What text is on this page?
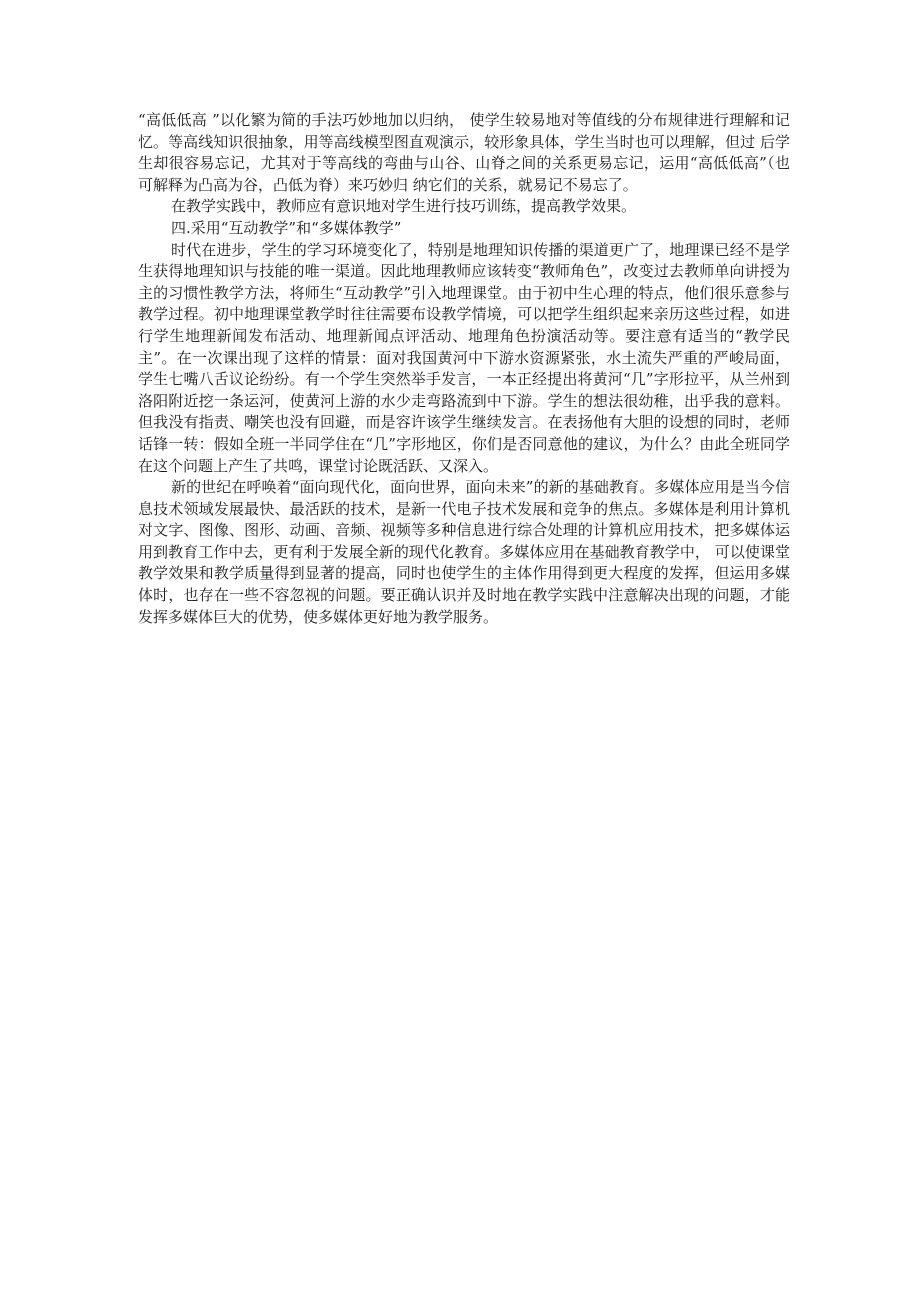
“高低低高 ”以化繁为简的手法巧妙地加以归纳， 使学生较易地对等值线的分布规律进行理解和记忆。等高线知识很抽象，用等高线模型图直观演示，较形象具体，学生当时也可以理解，但过 后学生却很容易忘记，尤其对于等高线的弯曲与山谷、山脊之间的关系更易忘记，运用“高低低高”（也可解释为凸高为谷，凸低为脊）来巧妙归 纳它们的关系，就易记不易忘了。

在教学实践中，教师应有意识地对学生进行技巧训练，提高教学效果。

四.采用“互动教学”和“多媒体教学”

时代在进步，学生的学习环境变化了，特别是地理知识传播的渠道更广了，地理课已经不是学生获得地理知识与技能的唯一渠道。因此地理教师应该转变“教师角色”，改变过去教师单向讲授为主的习惯性教学方法，将师生“互动教学”引入地理课堂。由于初中生心理的特点，他们很乐意参与教学过程。初中地理课堂教学时往往需要布设教学情境，可以把学生组织起来亲历这些过程，如进行学生地理新闻发布活动、地理新闻点评活动、地理角色扮演活动等。要注意有适当的“教学民主”。在一次课出现了这样的情景：面对我国黄河中下游水资源紧张，水土流失严重的严峻局面，学生七嘴八舌议论纷纷。有一个学生突然举手发言，一本正经提出将黄河“几”字形拉平，从兰州到洛阳附近挖一条运河，使黄河上游的水少走弯路流到中下游。学生的想法很幼稚，出乎我的意料。但我没有指责、嘲笑也没有回避，而是容许该学生继续发言。在表扬他有大胆的设想的同时，老师话锋一转：假如全班一半同学住在“几”字形地区，你们是否同意他的建议，为什么？由此全班同学在这个问题上产生了共鸣，课堂讨论既活跃、又深入。

新的世纪在呼唤着“面向现代化，面向世界，面向未来”的新的基础教育。多媒体应用是当今信息技术领域发展最快、最活跃的技术，是新一代电子技术发展和竞争的焦点。多媒体是利用计算机对文字、图像、图形、动画、音频、视频等多种信息进行综合处理的计算机应用技术，把多媒体运用到教育工作中去，更有利于发展全新的现代化教育。多媒体应用在基础教育教学中， 可以使课堂教学效果和教学质量得到显著的提高，同时也使学生的主体作用得到更大程度的发挥，但运用多媒体时，也存在一些不容忽视的问题。要正确认识并及时地在教学实践中注意解决出现的问题，才能发挥多媒体巨大的优势，使多媒体更好地为教学服务。
